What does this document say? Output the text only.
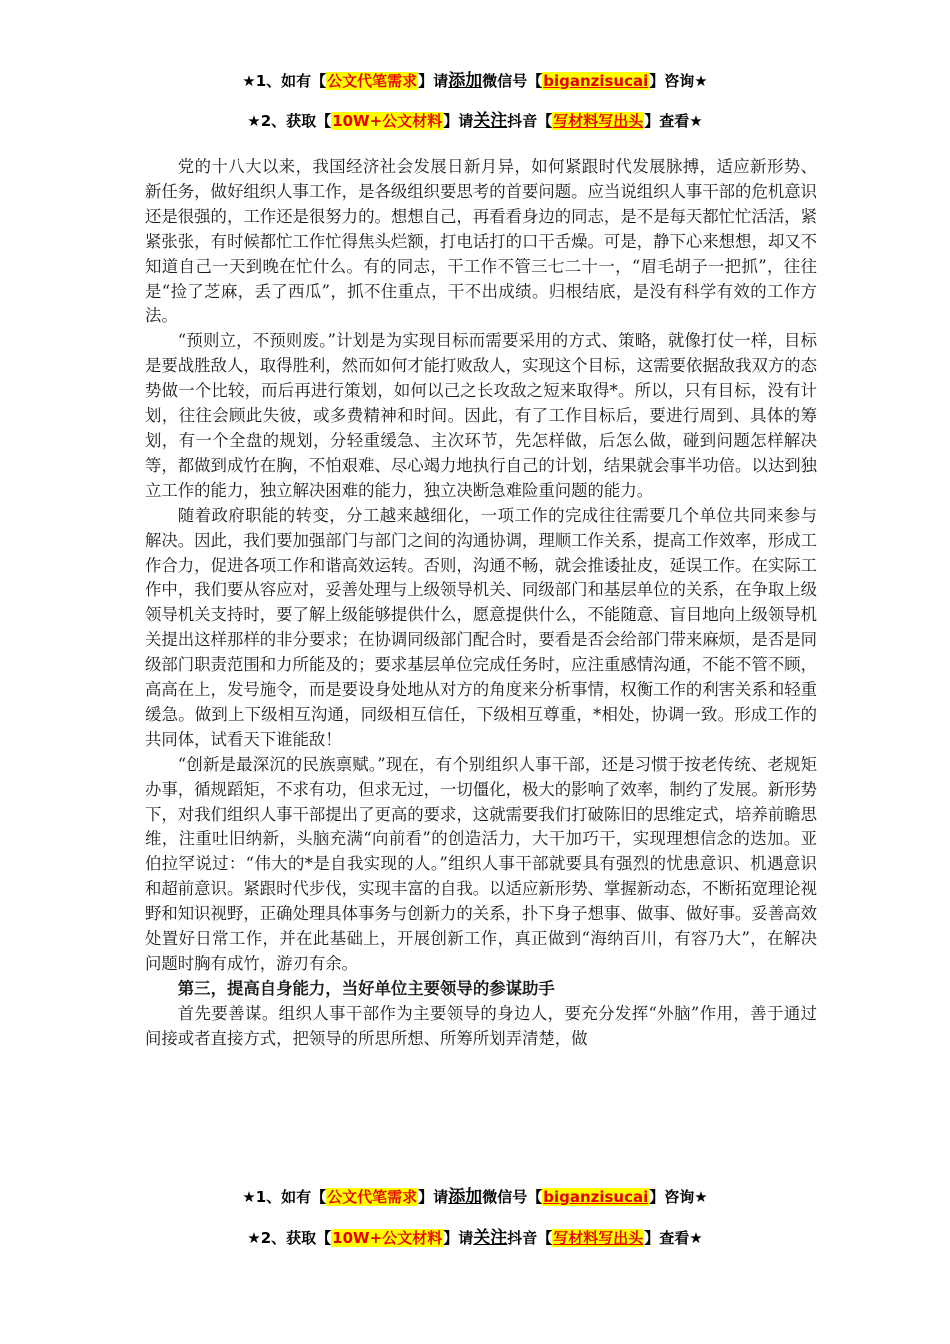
★1、如有【公文代笔需求】请添加微信号【biganzisucai】咨询★
★2、获取【10W+公文材料】请关注抖音【写材料写出头】查看★

党的十八大以来，我国经济社会发展日新月异，如何紧跟时代发展脉搏，适应新形势、新任务，做好组织人事工作，是各级组织要思考的首要问题。应当说组织人事干部的危机意识还是很强的，工作还是很努力的。想想自己，再看看身边的同志，是不是每天都忙忙活活，紧紧张张，有时候都忙工作忙得焦头烂额，打电话打的口干舌燥。可是，静下心来想想，却又不知道自己一天到晚在忙什么。有的同志，干工作不管三七二十一，“眉毛胡子一把抓”，往往是“捡了芝麻，丢了西瓜”，抓不住重点，干不出成绩。归根结底，是没有科学有效的工作方法。

“预则立，不预则废。”计划是为实现目标而需要采用的方式、策略，就像打仗一样，目标是要战胜敌人，取得胜利，然而如何才能打败敌人，实现这个目标，这需要依据敌我双方的态势做一个比较，而后再进行策划，如何以己之长攻敌之短来取得*。所以，只有目标，没有计划，往往会顾此失彼，或多费精神和时间。因此，有了工作目标后，要进行周到、具体的筹划，有一个全盘的规划，分轻重缓急、主次环节，先怎样做，后怎么做，碰到问题怎样解决等，都做到成竹在胸，不怕艰难、尽心竭力地执行自己的计划，结果就会事半功倍。以达到独立工作的能力，独立解决困难的能力，独立决断急难险重问题的能力。

随着政府职能的转变，分工越来越细化，一项工作的完成往往需要几个单位共同来参与解决。因此，我们要加强部门与部门之间的沟通协调，理顺工作关系，提高工作效率，形成工作合力，促进各项工作和谐高效运转。否则，沟通不畅，就会推诿扯皮，延误工作。在实际工作中，我们要从容应对，妥善处理与上级领导机关、同级部门和基层单位的关系，在争取上级领导机关支持时，要了解上级能够提供什么，愿意提供什么，不能随意、盲目地向上级领导机关提出这样那样的非分要求；在协调同级部门配合时，要看是否会给部门带来麻烦，是否是同级部门职责范围和力所能及的；要求基层单位完成任务时，应注重感情沟通，不能不管不顾，高高在上，发号施令，而是要设身处地从对方的角度来分析事情，权衡工作的利害关系和轻重缓急。做到上下级相互沟通，同级相互信任，下级相互尊重，*相处，协调一致。形成工作的共同体，试看天下谁能敌！

“创新是最深沉的民族禀赋。”现在，有个别组织人事干部，还是习惯于按老传统、老规矩办事，循规蹈矩，不求有功，但求无过，一切僵化，极大的影响了效率，制约了发展。新形势下，对我们组织人事干部提出了更高的要求，这就需要我们打破陈旧的思维定式，培养前瞻思维，注重吐旧纳新，头脑充满“向前看”的创造活力，大干加巧干，实现理想信念的迭加。亚伯拉罕说过：“伟大的*是自我实现的人。”组织人事干部就要具有强烈的忧患意识、机遇意识和超前意识。紧跟时代步伐，实现丰富的自我。以适应新形势、掌握新动态，不断拓宽理论视野和知识视野，正确处理具体事务与创新力的关系，扑下身子想事、做事、做好事。妥善高效处置好日常工作，并在此基础上，开展创新工作，真正做到“海纳百川，有容乃大”，在解决问题时胸有成竹，游刃有余。

第三，提高自身能力，当好单位主要领导的参谋助手

首先要善谋。组织人事干部作为主要领导的身边人，要充分发挥“外脑”作用，善于通过间接或者直接方式，把领导的所思所想、所筹所划弄清楚，做

★1、如有【公文代笔需求】请添加微信号【biganzisucai】咨询★
★2、获取【10W+公文材料】请关注抖音【写材料写出头】查看★
